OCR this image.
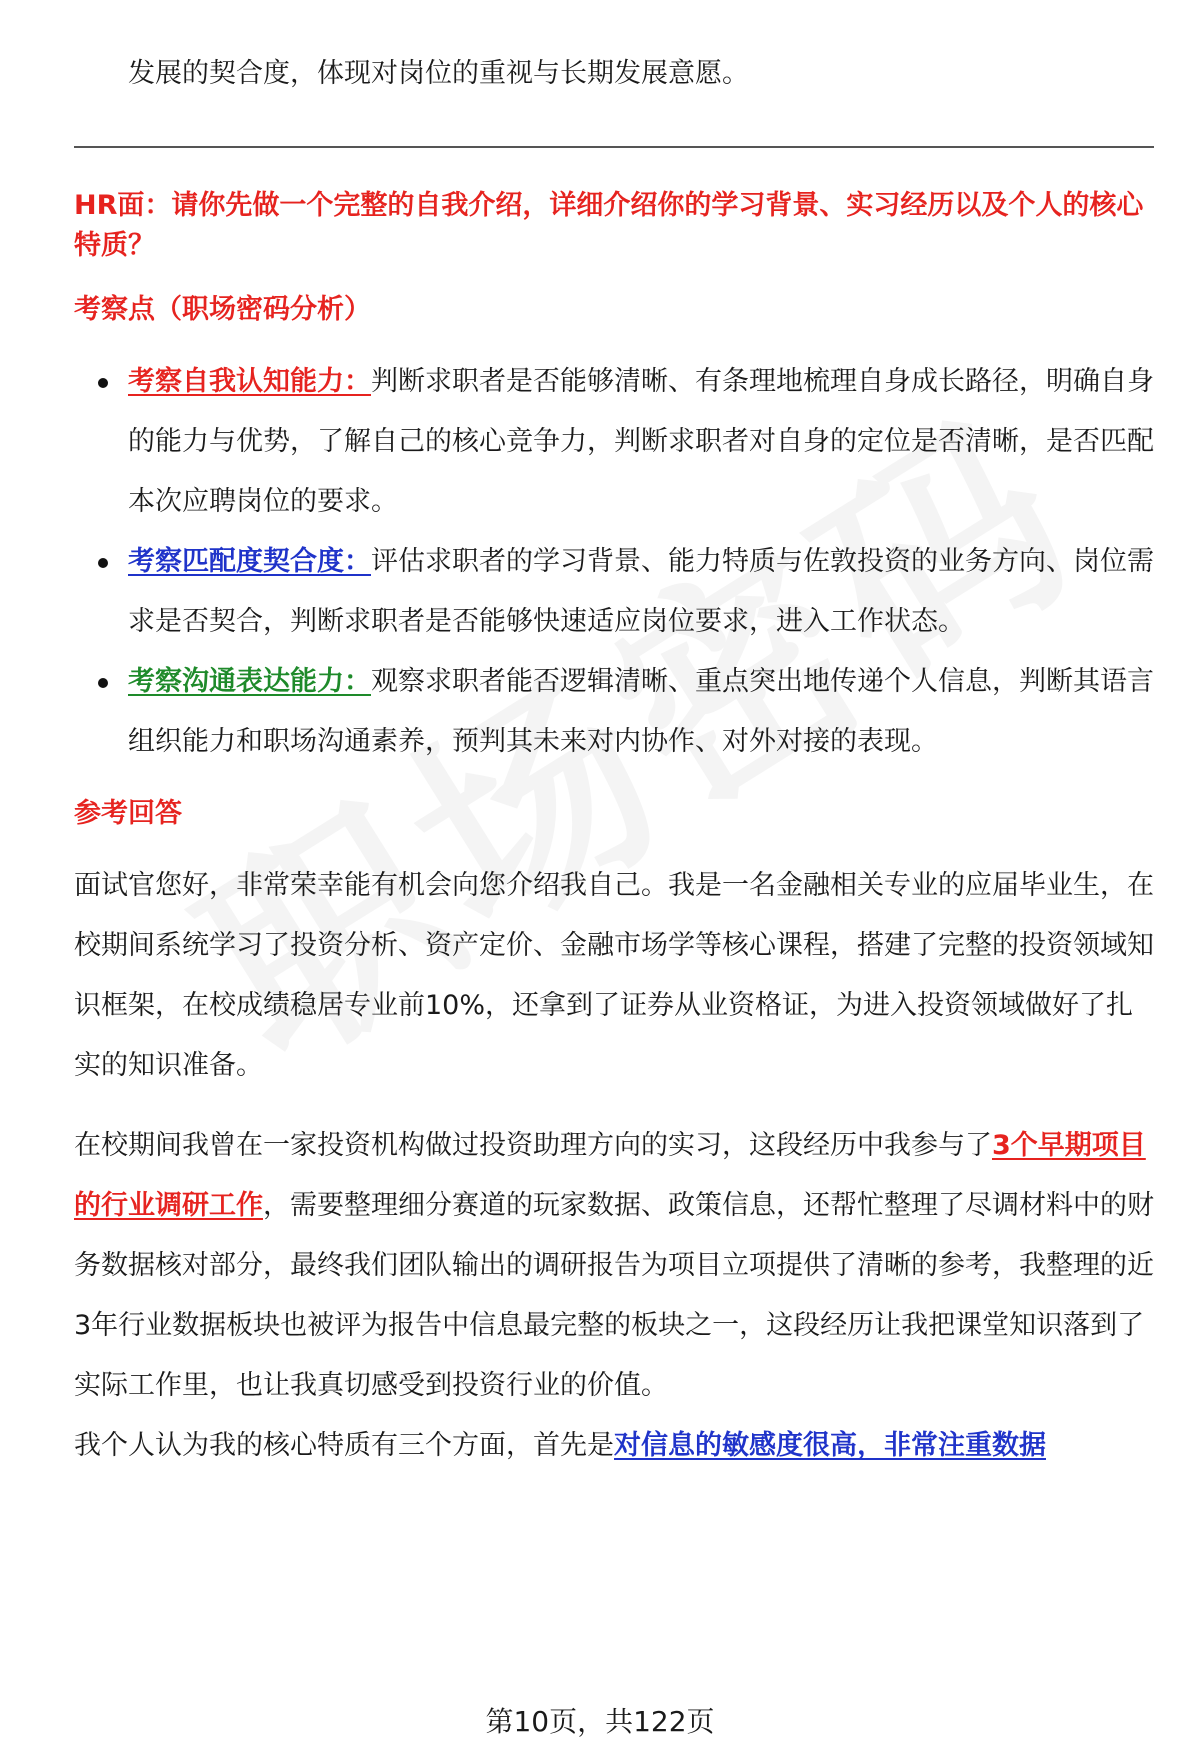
发展的契合度，体现对岗位的重视与长期发展意愿。

HR面：请你先做一个完整的自我介绍，详细介绍你的学习背景、实习经历以及个人的核心特质？

考察点（职场密码分析）

考察自我认知能力：判断求职者是否能够清晰、有条理地梳理自身成长路径，明确自身的能力与优势，了解自己的核心竞争力，判断求职者对自身的定位是否清晰，是否匹配本次应聘岗位的要求。
考察匹配度契合度：评估求职者的学习背景、能力特质与佐敦投资的业务方向、岗位需求是否契合，判断求职者是否能够快速适应岗位要求，进入工作状态。
考察沟通表达能力：观察求职者能否逻辑清晰、重点突出地传递个人信息，判断其语言组织能力和职场沟通素养，预判其未来对内协作、对外对接的表现。

参考回答

面试官您好，非常荣幸能有机会向您介绍我自己。我是一名金融相关专业的应届毕业生，在校期间系统学习了投资分析、资产定价、金融市场学等核心课程，搭建了完整的投资领域知识框架，在校成绩稳居专业前10%，还拿到了证券从业资格证，为进入投资领域做好了扎实的知识准备。

在校期间我曾在一家投资机构做过投资助理方向的实习，这段经历中我参与了3个早期项目的行业调研工作，需要整理细分赛道的玩家数据、政策信息，还帮忙整理了尽调材料中的财务数据核对部分，最终我们团队输出的调研报告为项目立项提供了清晰的参考，我整理的近3年行业数据板块也被评为报告中信息最完整的板块之一，这段经历让我把课堂知识落到了实际工作里，也让我真切感受到投资行业的价值。

我个人认为我的核心特质有三个方面，首先是对信息的敏感度很高，非常注重数据

第10页，共122页
